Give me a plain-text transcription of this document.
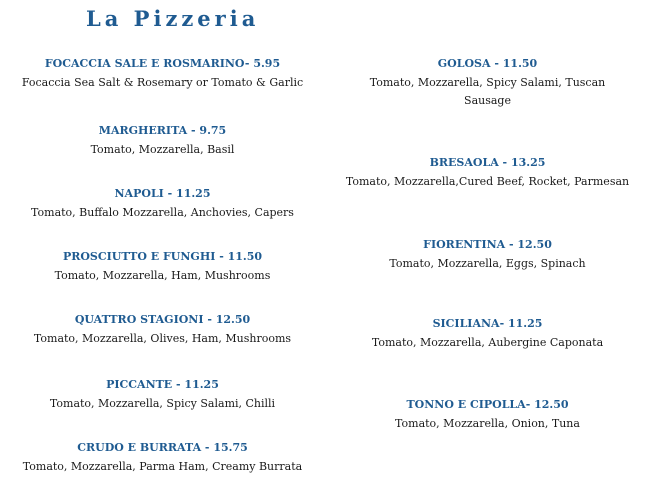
La Pizzeria
FOCACCIA SALE E ROSMARINO- 5.95
Focaccia Sea Salt & Rosemary or Tomato & Garlic
MARGHERITA - 9.75
Tomato, Mozzarella, Basil
NAPOLI - 11.25
Tomato, Buffalo Mozzarella, Anchovies, Capers
PROSCIUTTO E FUNGHI - 11.50
Tomato, Mozzarella, Ham, Mushrooms
QUATTRO STAGIONI - 12.50
Tomato, Mozzarella, Olives, Ham, Mushrooms
PICCANTE - 11.25
Tomato, Mozzarella, Spicy Salami, Chilli
CRUDO E BURRATA - 15.75
Tomato, Mozzarella, Parma Ham, Creamy Burrata
GOLOSA - 11.50
Tomato, Mozzarella, Spicy Salami, Tuscan Sausage
BRESAOLA - 13.25
Tomato, Mozzarella,Cured Beef, Rocket, Parmesan
FIORENTINA - 12.50
Tomato, Mozzarella, Eggs, Spinach
SICILIANA- 11.25
Tomato, Mozzarella, Aubergine Caponata
TONNO E CIPOLLA- 12.50
Tomato, Mozzarella, Onion, Tuna
